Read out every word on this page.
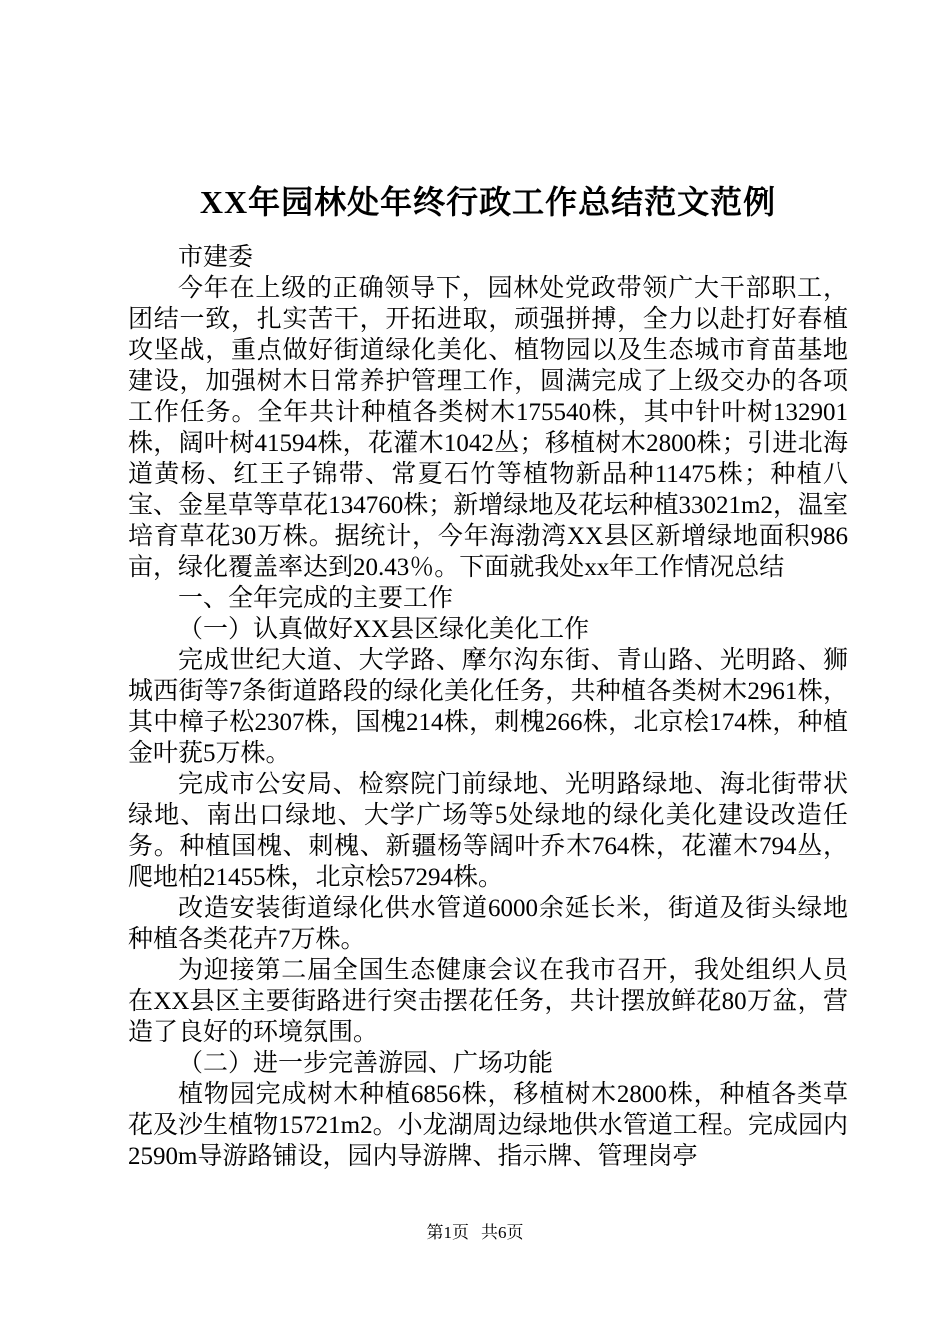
XX年园林处年终行政工作总结范文范例

市建委

今年在上级的正确领导下，园林处党政带领广大干部职工，团结一致，扎实苦干，开拓进取，顽强拼搏，全力以赴打好春植攻坚战，重点做好街道绿化美化、植物园以及生态城市育苗基地建设，加强树木日常养护管理工作，圆满完成了上级交办的各项工作任务。全年共计种植各类树木175540株，其中针叶树132901株，阔叶树41594株，花灌木1042丛；移植树木2800株；引进北海道黄杨、红王子锦带、常夏石竹等植物新品种11475株；种植八宝、金星草等草花134760株；新增绿地及花坛种植33021m2，温室培育草花30万株。据统计，今年海渤湾XX县区新增绿地面积986亩，绿化覆盖率达到20.43％。下面就我处xx年工作情况总结

一、全年完成的主要工作

（一）认真做好XX县区绿化美化工作

完成世纪大道、大学路、摩尔沟东街、青山路、光明路、狮城西街等7条街道路段的绿化美化任务，共种植各类树木2961株，其中樟子松2307株，国槐214株，刺槐266株，北京桧174株，种植金叶莸5万株。

完成市公安局、检察院门前绿地、光明路绿地、海北街带状绿地、南出口绿地、大学广场等5处绿地的绿化美化建设改造任务。种植国槐、刺槐、新疆杨等阔叶乔木764株，花灌木794丛，爬地柏21455株，北京桧57294株。

改造安装街道绿化供水管道6000余延长米，街道及街头绿地种植各类花卉7万株。

为迎接第二届全国生态健康会议在我市召开，我处组织人员在XX县区主要街路进行突击摆花任务，共计摆放鲜花80万盆，营造了良好的环境氛围。

（二）进一步完善游园、广场功能

植物园完成树木种植6856株，移植树木2800株，种植各类草花及沙生植物15721m2。小龙湖周边绿地供水管道工程。完成园内2590m导游路铺设，园内导游牌、指示牌、管理岗亭

第1页 共6页
